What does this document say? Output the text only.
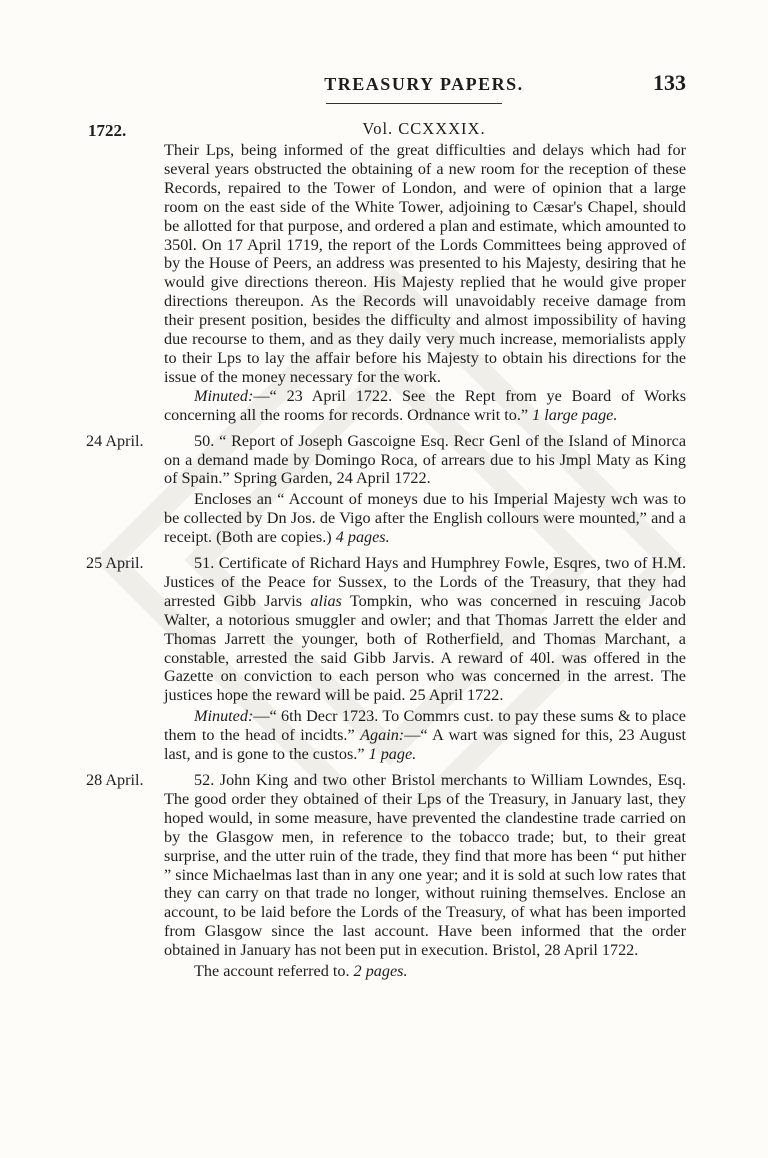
TREASURY PAPERS.	133
1722.	Vol. CCXXXIX.

Their Lps, being informed of the great difficulties and delays which had for several years obstructed the obtaining of a new room for the reception of these Records, repaired to the Tower of London, and were of opinion that a large room on the east side of the White Tower, adjoining to Cæsar's Chapel, should be allotted for that purpose, and ordered a plan and estimate, which amounted to 350l. On 17 April 1719, the report of the Lords Committees being approved of by the House of Peers, an address was presented to his Majesty, desiring that he would give directions thereon. His Majesty replied that he would give proper directions thereupon. As the Records will unavoidably receive damage from their present position, besides the difficulty and almost impossibility of having due recourse to them, and as they daily very much increase, memorialists apply to their Lps to lay the affair before his Majesty to obtain his directions for the issue of the money necessary for the work.

Minuted:—“ 23 April 1722. See the Rept from ye Board of Works concerning all the rooms for records. Ordnance writ to.” 1 large page.

24 April.	50. “ Report of Joseph Gascoigne Esq. Recr Genl of the Island of Minorca on a demand made by Domingo Roca, of arrears due to his Jmpl Maty as King of Spain.” Spring Garden, 24 April 1722.

Encloses an “ Account of moneys due to his Imperial Majesty wch was to be collected by Dn Jos. de Vigo after the English collours were mounted,” and a receipt. (Both are copies.) 4 pages.

25 April.	51. Certificate of Richard Hays and Humphrey Fowle, Esqres, two of H.M. Justices of the Peace for Sussex, to the Lords of the Treasury, that they had arrested Gibb Jarvis alias Tompkin, who was concerned in rescuing Jacob Walter, a notorious smuggler and owler; and that Thomas Jarrett the elder and Thomas Jarrett the younger, both of Rotherfield, and Thomas Marchant, a constable, arrested the said Gibb Jarvis. A reward of 40l. was offered in the Gazette on conviction to each person who was concerned in the arrest. The justices hope the reward will be paid. 25 April 1722.

Minuted:—“ 6th Decr 1723. To Commrs cust. to pay these sums & to place them to the head of incidts.” Again:—“ A wart was signed for this, 23 August last, and is gone to the custos.” 1 page.

28 April.	52. John King and two other Bristol merchants to William Lowndes, Esq. The good order they obtained of their Lps of the Treasury, in January last, they hoped would, in some measure, have prevented the clandestine trade carried on by the Glasgow men, in reference to the tobacco trade; but, to their great surprise, and the utter ruin of the trade, they find that more has been “ put hither ” since Michaelmas last than in any one year; and it is sold at such low rates that they can carry on that trade no longer, without ruining themselves. Enclose an account, to be laid before the Lords of the Treasury, of what has been imported from Glasgow since the last account. Have been informed that the order obtained in January has not been put in execution. Bristol, 28 April 1722.

The account referred to. 2 pages.
